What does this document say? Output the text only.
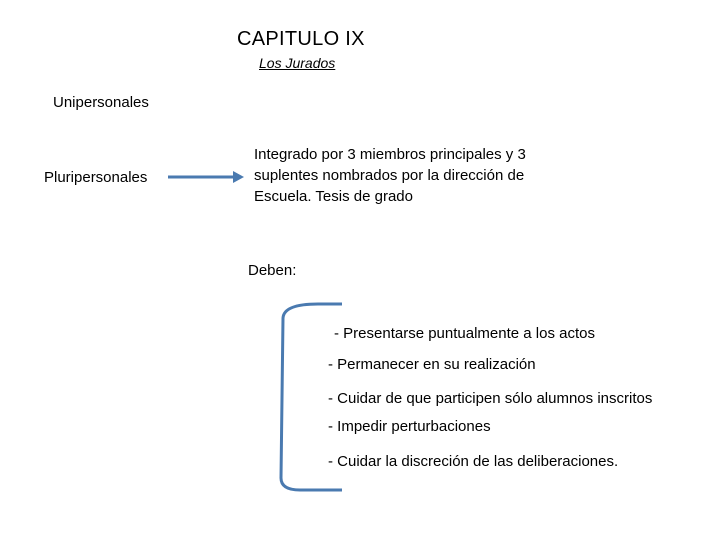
CAPITULO IX
Los Jurados
Unipersonales
Pluripersonales
Integrado por 3 miembros principales y 3 suplentes nombrados por la dirección de Escuela. Tesis de grado
Deben:
- Presentarse puntualmente a los actos
- Permanecer en su realización
- Cuidar de que participen sólo alumnos inscritos
- Impedir perturbaciones
- Cuidar la discreción de las deliberaciones.
